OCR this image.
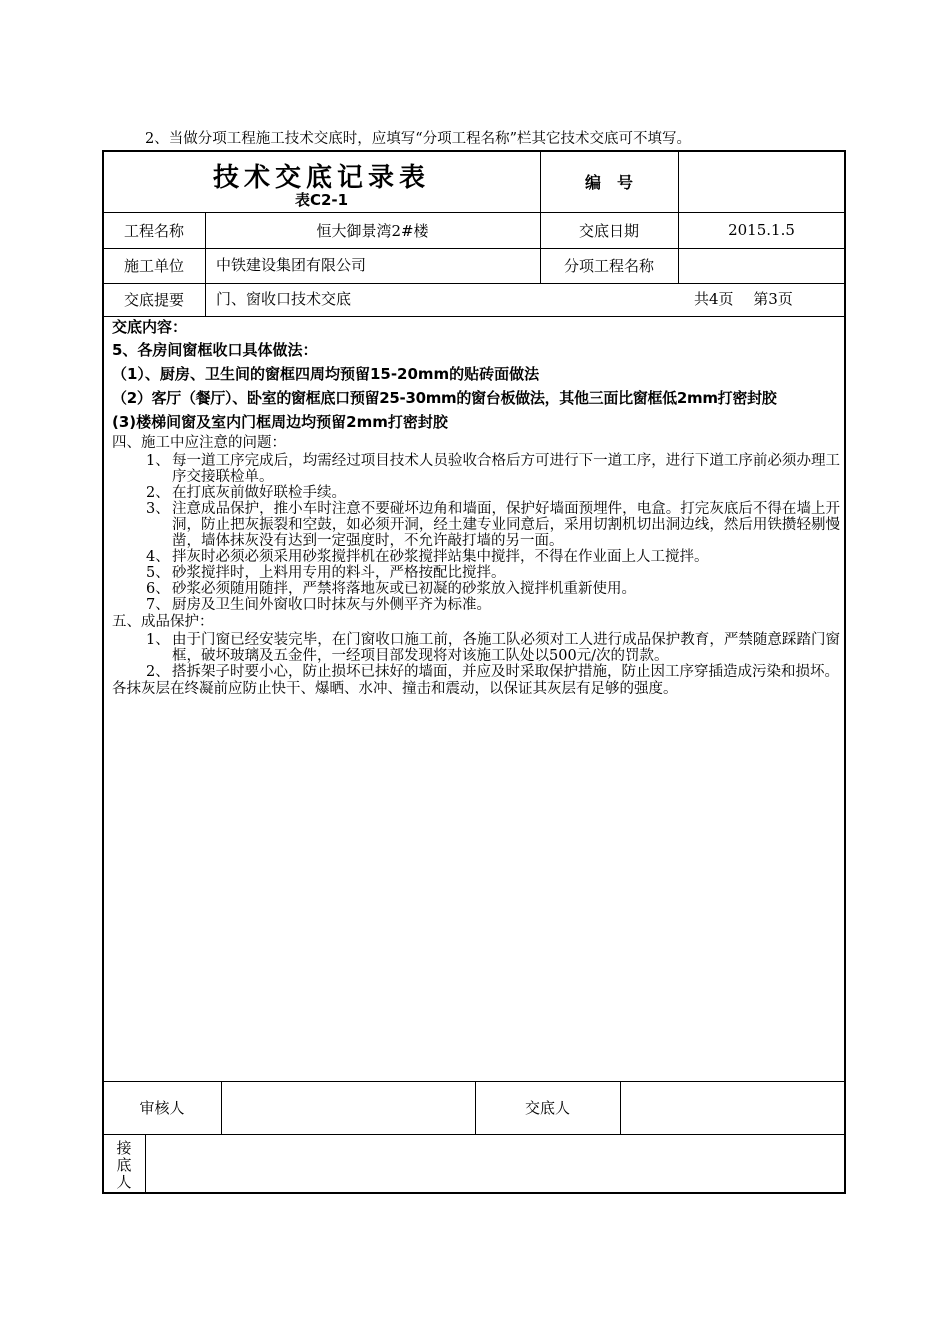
2、当做分项工程施工技术交底时，应填写“分项工程名称”栏其它技术交底可不填写。
技术交底记录表
表C2-1
编　号
工程名称	恒大御景湾2#楼	交底日期	2015.1.5
施工单位	中铁建设集团有限公司	分项工程名称
交底提要	门、窗收口技术交底	共4页　 第3页
交底内容：
5、各房间窗框收口具体做法：
（1）、厨房、卫生间的窗框四周均预留15-20mm的贴砖面做法
（2）客厅（餐厅）、卧室的窗框底口预留25-30mm的窗台板做法，其他三面比窗框低2mm打密封胶
(3)楼梯间窗及室内门框周边均预留2mm打密封胶
四、施工中应注意的问题：
1、 每一道工序完成后，均需经过项目技术人员验收合格后方可进行下一道工序，进行下道工序前必须办理工序交接联检单。
2、 在打底灰前做好联检手续。
3、 注意成品保护，推小车时注意不要碰坏边角和墙面，保护好墙面预埋件，电盒。打完灰底后不得在墙上开洞，防止把灰振裂和空鼓，如必须开洞，经土建专业同意后，采用切割机切出洞边线，然后用铁攒轻剔慢凿，墙体抹灰没有达到一定强度时，不允许敲打墙的另一面。
4、 拌灰时必须必须采用砂浆搅拌机在砂浆搅拌站集中搅拌，不得在作业面上人工搅拌。
5、 砂浆搅拌时，上料用专用的料斗，严格按配比搅拌。
6、 砂浆必须随用随拌，严禁将落地灰或已初凝的砂浆放入搅拌机重新使用。
7、 厨房及卫生间外窗收口时抹灰与外侧平齐为标准。
五、成品保护：
1、 由于门窗已经安装完毕，在门窗收口施工前，各施工队必须对工人进行成品保护教育，严禁随意踩踏门窗框，破坏玻璃及五金件，一经项目部发现将对该施工队处以500元/次的罚款。
2、 搭拆架子时要小心，防止损坏已抹好的墙面，并应及时采取保护措施，防止因工序穿插造成污染和损坏。
各抹灰层在终凝前应防止快干、爆晒、水冲、撞击和震动，以保证其灰层有足够的强度。
审核人	交底人
接
底
人
